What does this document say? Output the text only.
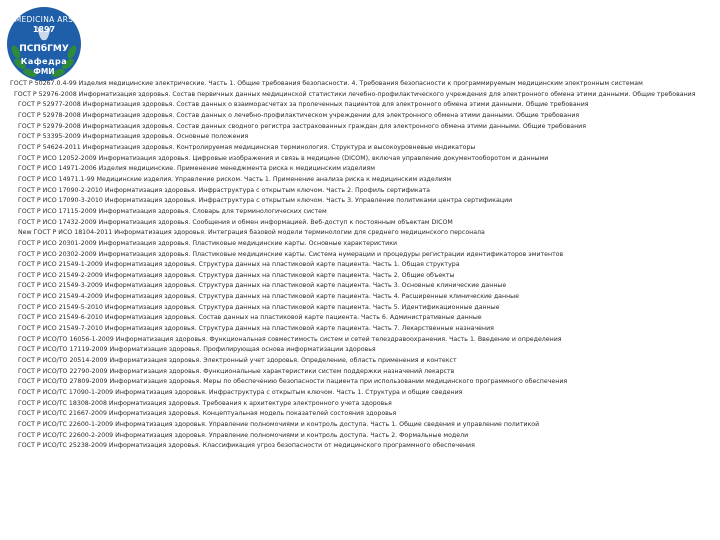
MEDICINA ARS
1897
ПСПбГМУ
Кафедра
ФМИ
ГОСТ Р 50267.0.4-99 Изделия медицинские электрические. Часть 1. Общие требования безопасности. 4. Требования безопасности к программируемым медицинским электронным системам
ГОСТ Р 52976-2008 Информатизация здоровья. Состав первичных данных медицинской статистики лечебно-профилактического учреждения для электронного обмена этими данными. Общие требования
ГОСТ Р 52977-2008 Информатизация здоровья. Состав данных о взаиморасчетах за пролеченных пациентов для электронного обмена этими данными. Общие требования
ГОСТ Р 52978-2008 Информатизация здоровья. Состав данных о лечебно-профилактическом учреждении для электронного обмена этими данными. Общие требования
ГОСТ Р 52979-2008 Информатизация здоровья. Состав данных сводного регистра застрахованных граждан для электронного обмена этими данными. Общие требования
ГОСТ Р 53395-2009 Информатизация здоровья. Основные положения
ГОСТ Р 54624-2011 Информатизация здоровья. Контролируемая медицинская терминология. Структура и высокоуровневые индикаторы
ГОСТ Р ИСО 12052-2009 Информатизация здоровья. Цифровые изображения и связь в медицине (DICOM), включая управление документооборотом и данными
ГОСТ Р ИСО 14971-2006 Изделия медицинские. Применение менеджмента риска к медицинским изделиям
ГОСТ Р ИСО 14971.1-99 Медицинские изделия. Управление риском. Часть 1. Применение анализа риска к медицинским изделиям
ГОСТ Р ИСО 17090-2-2010 Информатизация здоровья. Инфраструктура с открытым ключом. Часть 2. Профиль сертификата
ГОСТ Р ИСО 17090-3-2010 Информатизация здоровья. Инфраструктура с открытым ключом. Часть 3. Управление политиками центра сертификации
ГОСТ Р ИСО 17115-2009 Информатизация здоровья. Словарь для терминологических систем
ГОСТ Р ИСО 17432-2009 Информатизация здоровья. Сообщения и обмен информацией. Веб-доступ к постоянным объектам DICOM
New ГОСТ Р ИСО 18104-2011 Информатизация здоровья. Интеграция базовой модели терминологии для среднего медицинского персонала
ГОСТ Р ИСО 20301-2009 Информатизация здоровья. Пластиковые медицинские карты. Основные характеристики
ГОСТ Р ИСО 20302-2009 Информатизация здоровья. Пластиковые медицинские карты. Система нумерации и процедуры регистрации идентификаторов эмитентов
ГОСТ Р ИСО 21549-1-2009 Информатизация здоровья. Структура данных на пластиковой карте пациента. Часть 1. Общая структура
ГОСТ Р ИСО 21549-2-2009 Информатизация здоровья. Структура данных на пластиковой карте пациента. Часть 2. Общие объекты
ГОСТ Р ИСО 21549-3-2009 Информатизация здоровья. Структура данных на пластиковой карте пациента. Часть 3. Основные клинические данные
ГОСТ Р ИСО 21549-4-2009 Информатизация здоровья. Структура данных на пластиковой карте пациента. Часть 4. Расширенные клинические данные
ГОСТ Р ИСО 21549-5-2010 Информатизация здоровья. Структура данных на пластиковой карте пациента. Часть 5. Идентификационные данные
ГОСТ Р ИСО 21549-6-2010 Информатизация здоровья. Состав данных на пластиковой карте пациента. Часть 6. Административные данные
ГОСТ Р ИСО 21549-7-2010 Информатизация здоровья. Структура данных на пластиковой карте пациента. Часть 7. Лекарственные назначения
ГОСТ Р ИСО/ТО 16056-1-2009 Информатизация здоровья. Функциональная совместимость систем и сетей телездравоохранения. Часть 1. Введение и определения
ГОСТ Р ИСО/ТО 17119-2009 Информатизация здоровья. Профилирующая основа информатизации здоровья
ГОСТ Р ИСО/ТО 20514-2009 Информатизация здоровья. Электронный учет здоровья. Определение, область применения и контекст
ГОСТ Р ИСО/ТО 22790-2009 Информатизация здоровья. Функциональные характеристики систем поддержки назначений лекарств
ГОСТ Р ИСО/ТО 27809-2009 Информатизация здоровья. Меры по обеспечению безопасности пациента при использовании медицинского программного обеспечения
ГОСТ Р ИСО/ТС 17090-1-2009 Информатизация здоровья. Инфраструктура с открытым ключом. Часть 1. Структура и общие сведения
ГОСТ Р ИСО/ТС 18308-2008 Информатизация здоровья. Требования к архитектуре электронного учета здоровья
ГОСТ Р ИСО/ТС 21667-2009 Информатизация здоровья. Концептуальная модель показателей состояния здоровья
ГОСТ Р ИСО/ТС 22600-1-2009 Информатизация здоровья. Управление полномочиями и контроль доступа. Часть 1. Общие сведения и управление политикой
ГОСТ Р ИСО/ТС 22600-2-2009 Информатизация здоровья. Управление полномочиями и контроль доступа. Часть 2. Формальные модели
ГОСТ Р ИСО/ТС 25238-2009 Информатизация здоровья. Классификация угроз безопасности от медицинского программного обеспечения
